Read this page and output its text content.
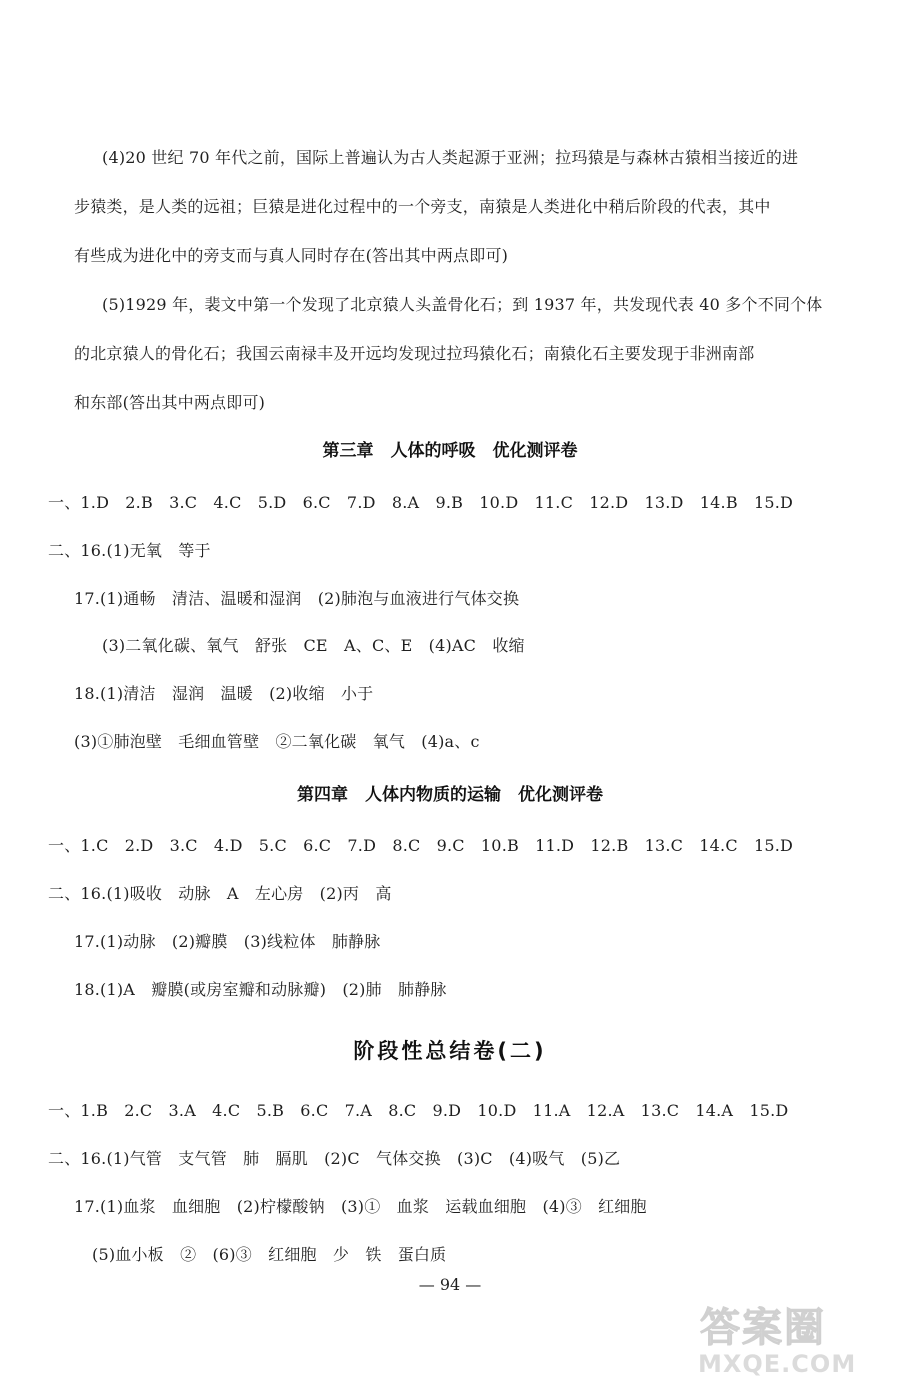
(4)20 世纪 70 年代之前，国际上普遍认为古人类起源于亚洲；拉玛猿是与森林古猿相当接近的进
步猿类，是人类的远祖；巨猿是进化过程中的一个旁支，南猿是人类进化中稍后阶段的代表，其中
有些成为进化中的旁支而与真人同时存在(答出其中两点即可)
(5)1929 年，裴文中第一个发现了北京猿人头盖骨化石；到 1937 年，共发现代表 40 多个不同个体
的北京猿人的骨化石；我国云南禄丰及开远均发现过拉玛猿化石；南猿化石主要发现于非洲南部
和东部(答出其中两点即可)
第三章　人体的呼吸　优化测评卷
一、1.D　2.B　3.C　4.C　5.D　6.C　7.D　8.A　9.B　10.D　11.C　12.D　13.D　14.B　15.D
二、16.(1)无氧　等于
17.(1)通畅　清洁、温暖和湿润　(2)肺泡与血液进行气体交换
(3)二氧化碳、氧气　舒张　CE　A、C、E　(4)AC　收缩
18.(1)清洁　湿润　温暖　(2)收缩　小于
(3)①肺泡壁　毛细血管壁　②二氧化碳　氧气　(4)a、c
第四章　人体内物质的运输　优化测评卷
一、1.C　2.D　3.C　4.D　5.C　6.C　7.D　8.C　9.C　10.B　11.D　12.B　13.C　14.C　15.D
二、16.(1)吸收　动脉　A　左心房　(2)丙　高
17.(1)动脉　(2)瓣膜　(3)线粒体　肺静脉
18.(1)A　瓣膜(或房室瓣和动脉瓣)　(2)肺　肺静脉
阶段性总结卷(二)
一、1.B　2.C　3.A　4.C　5.B　6.C　7.A　8.C　9.D　10.D　11.A　12.A　13.C　14.A　15.D
二、16.(1)气管　支气管　肺　膈肌　(2)C　气体交换　(3)C　(4)吸气　(5)乙
17.(1)血浆　血细胞　(2)柠檬酸钠　(3)①　血浆　运载血细胞　(4)③　红细胞
(5)血小板　②　(6)③　红细胞　少　铁　蛋白质
— 94 —
答案圈
MXQE.COM
